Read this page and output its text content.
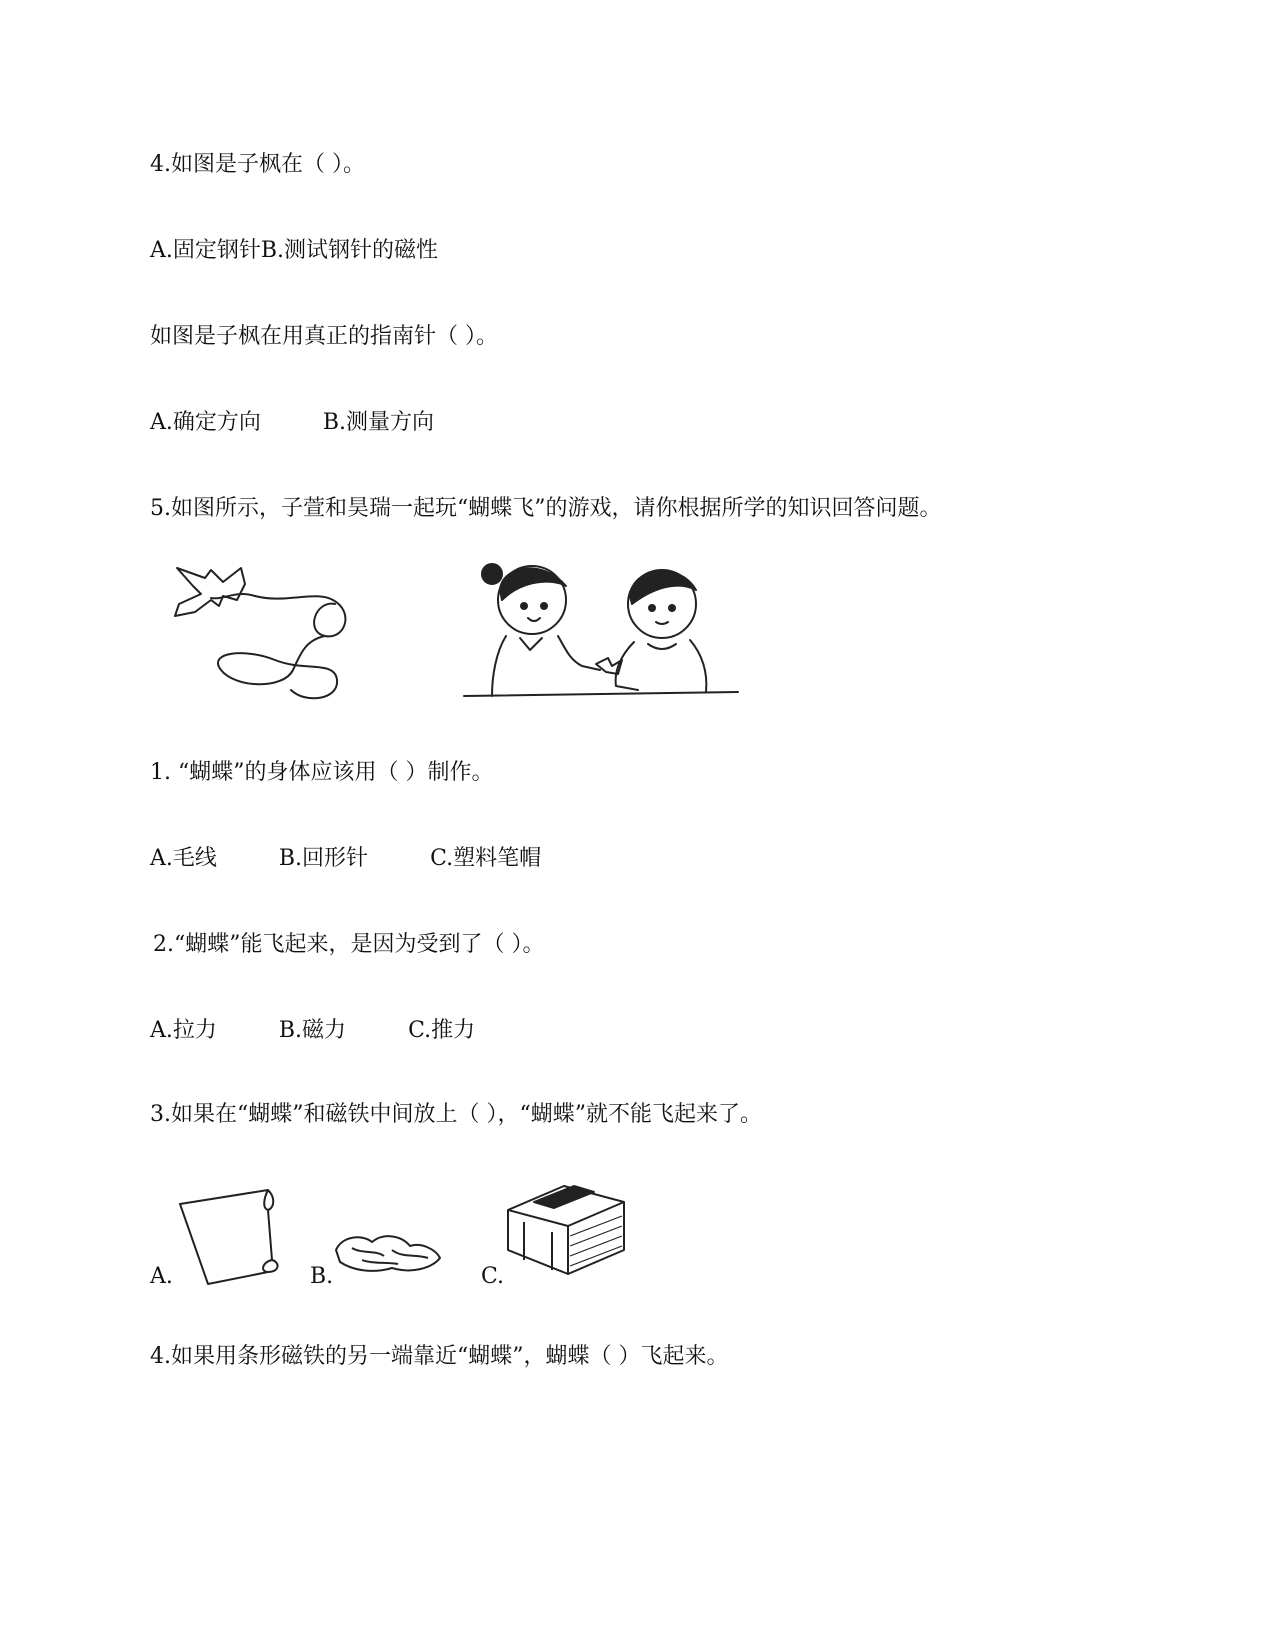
4.如图是子枫在（ ）。
A.固定钢针B.测试钢针的磁性
如图是子枫在用真正的指南针（ ）。
A.确定方向	B.测量方向
5.如图所示，子萱和昊瑞一起玩“蝴蝶飞”的游戏，请你根据所学的知识回答问题。
1. “蝴蝶”的身体应该用（ ）制作。
A.毛线	B.回形针	C.塑料笔帽
2.“蝴蝶”能飞起来，是因为受到了（ ）。
A.拉力	B.磁力	C.推力
3.如果在“蝴蝶”和磁铁中间放上（ ），“蝴蝶”就不能飞起来了。
A.	B.	C.
4.如果用条形磁铁的另一端靠近“蝴蝶”，蝴蝶（ ）飞起来。
